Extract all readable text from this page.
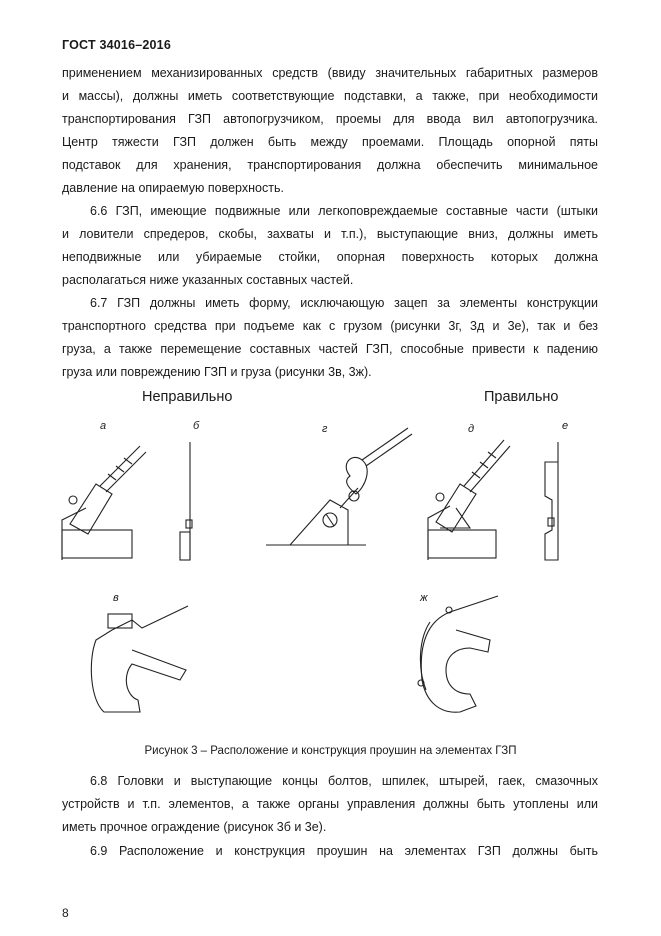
ГОСТ 34016–2016
применением механизированных средств (ввиду значительных габаритных размеров
и массы), должны иметь соответствующие подставки, а также, при необходимости
транспортирования ГЗП автопогрузчиком, проемы для ввода вил автопогрузчика.
Центр тяжести ГЗП должен быть между проемами. Площадь опорной пяты
подставок для хранения, транспортирования должна обеспечить минимальное
давление на опираемую поверхность.
6.6 ГЗП, имеющие подвижные или легкоповреждаемые составные части (штыки
и ловители спредеров, скобы, захваты и т.п.), выступающие вниз, должны иметь
неподвижные или убираемые стойки, опорная поверхность которых должна
располагаться ниже указанных составных частей.
6.7 ГЗП должны иметь форму, исключающую зацеп за элементы конструкции
транспортного средства при подъеме как с грузом (рисунки 3г, 3д и 3е), так и без
груза, а также перемещение составных частей ГЗП, способные привести к падению
груза или повреждению ГЗП и груза (рисунки 3в, 3ж).
Неправильно	Правильно
а	б	г	д	е
в	ж
Рисунок 3 – Расположение и конструкция проушин на элементах ГЗП
6.8 Головки и выступающие концы болтов, шпилек, штырей, гаек, смазочных
устройств и т.п. элементов, а также органы управления должны быть утоплены или
иметь прочное ограждение (рисунок 3б и 3е).
6.9 Расположение и конструкция проушин на элементах ГЗП должны быть
8
